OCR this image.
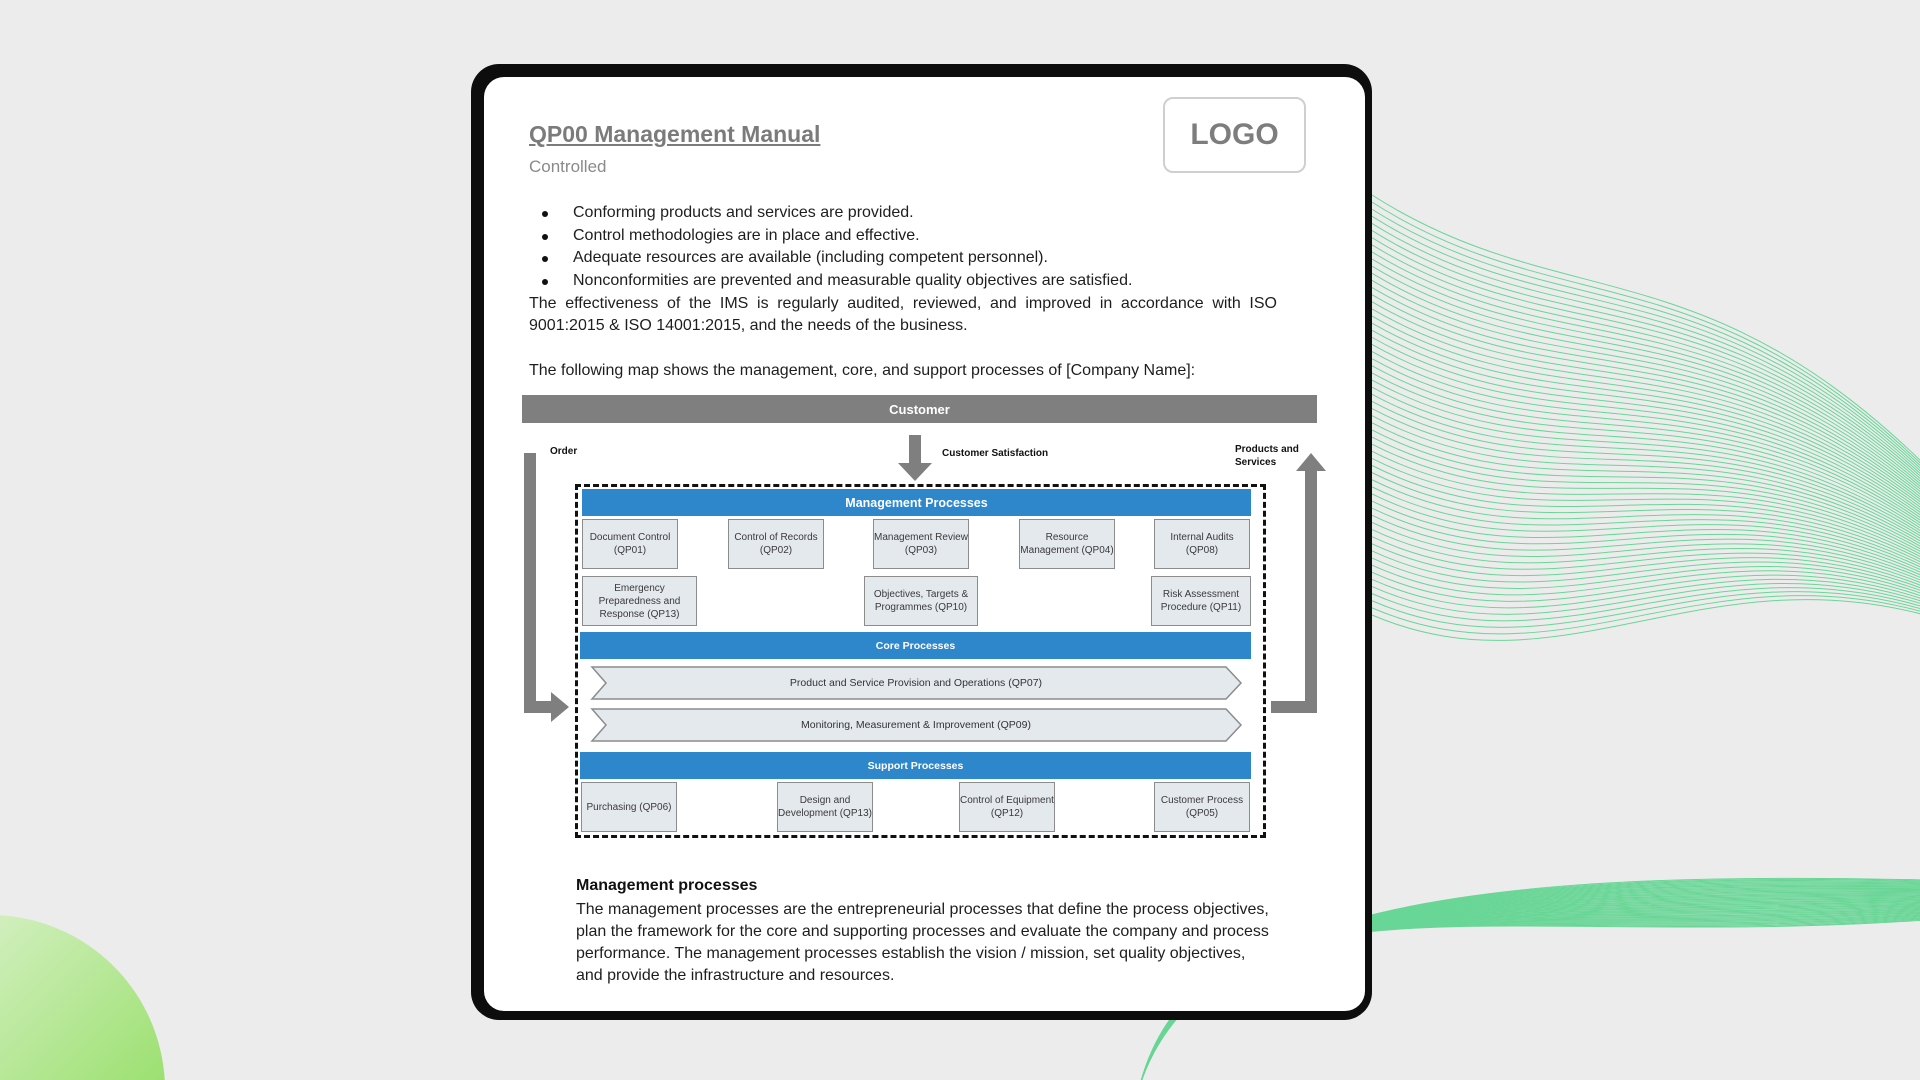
QP00 Management Manual
Controlled
LOGO
Conforming products and services are provided.
Control methodologies are in place and effective.
Adequate resources are available (including competent personnel).
Nonconformities are prevented and measurable quality objectives are satisfied.

The effectiveness of the IMS is regularly audited, reviewed, and improved in accordance with ISO 9001:2015 & ISO 14001:2015, and the needs of the business.

The following map shows the management, core, and support processes of [Company Name]:

Customer
Order	Customer Satisfaction	Products and Services
Management Processes
Document Control (QP01)
Control of Records (QP02)
Management Review (QP03)
Resource Management (QP04)
Internal Audits (QP08)
Emergency Preparedness and Response (QP13)
Objectives, Targets & Programmes (QP10)
Risk Assessment Procedure (QP11)
Core Processes
Product and Service Provision and Operations (QP07)
Monitoring, Measurement & Improvement (QP09)
Support Processes
Purchasing (QP06)
Design and Development (QP13)
Control of Equipment (QP12)
Customer Process (QP05)
Management processes

The management processes are the entrepreneurial processes that define the process objectives, plan the framework for the core and supporting processes and evaluate the company and process performance. The management processes establish the vision / mission, set quality objectives, and provide the infrastructure and resources.
